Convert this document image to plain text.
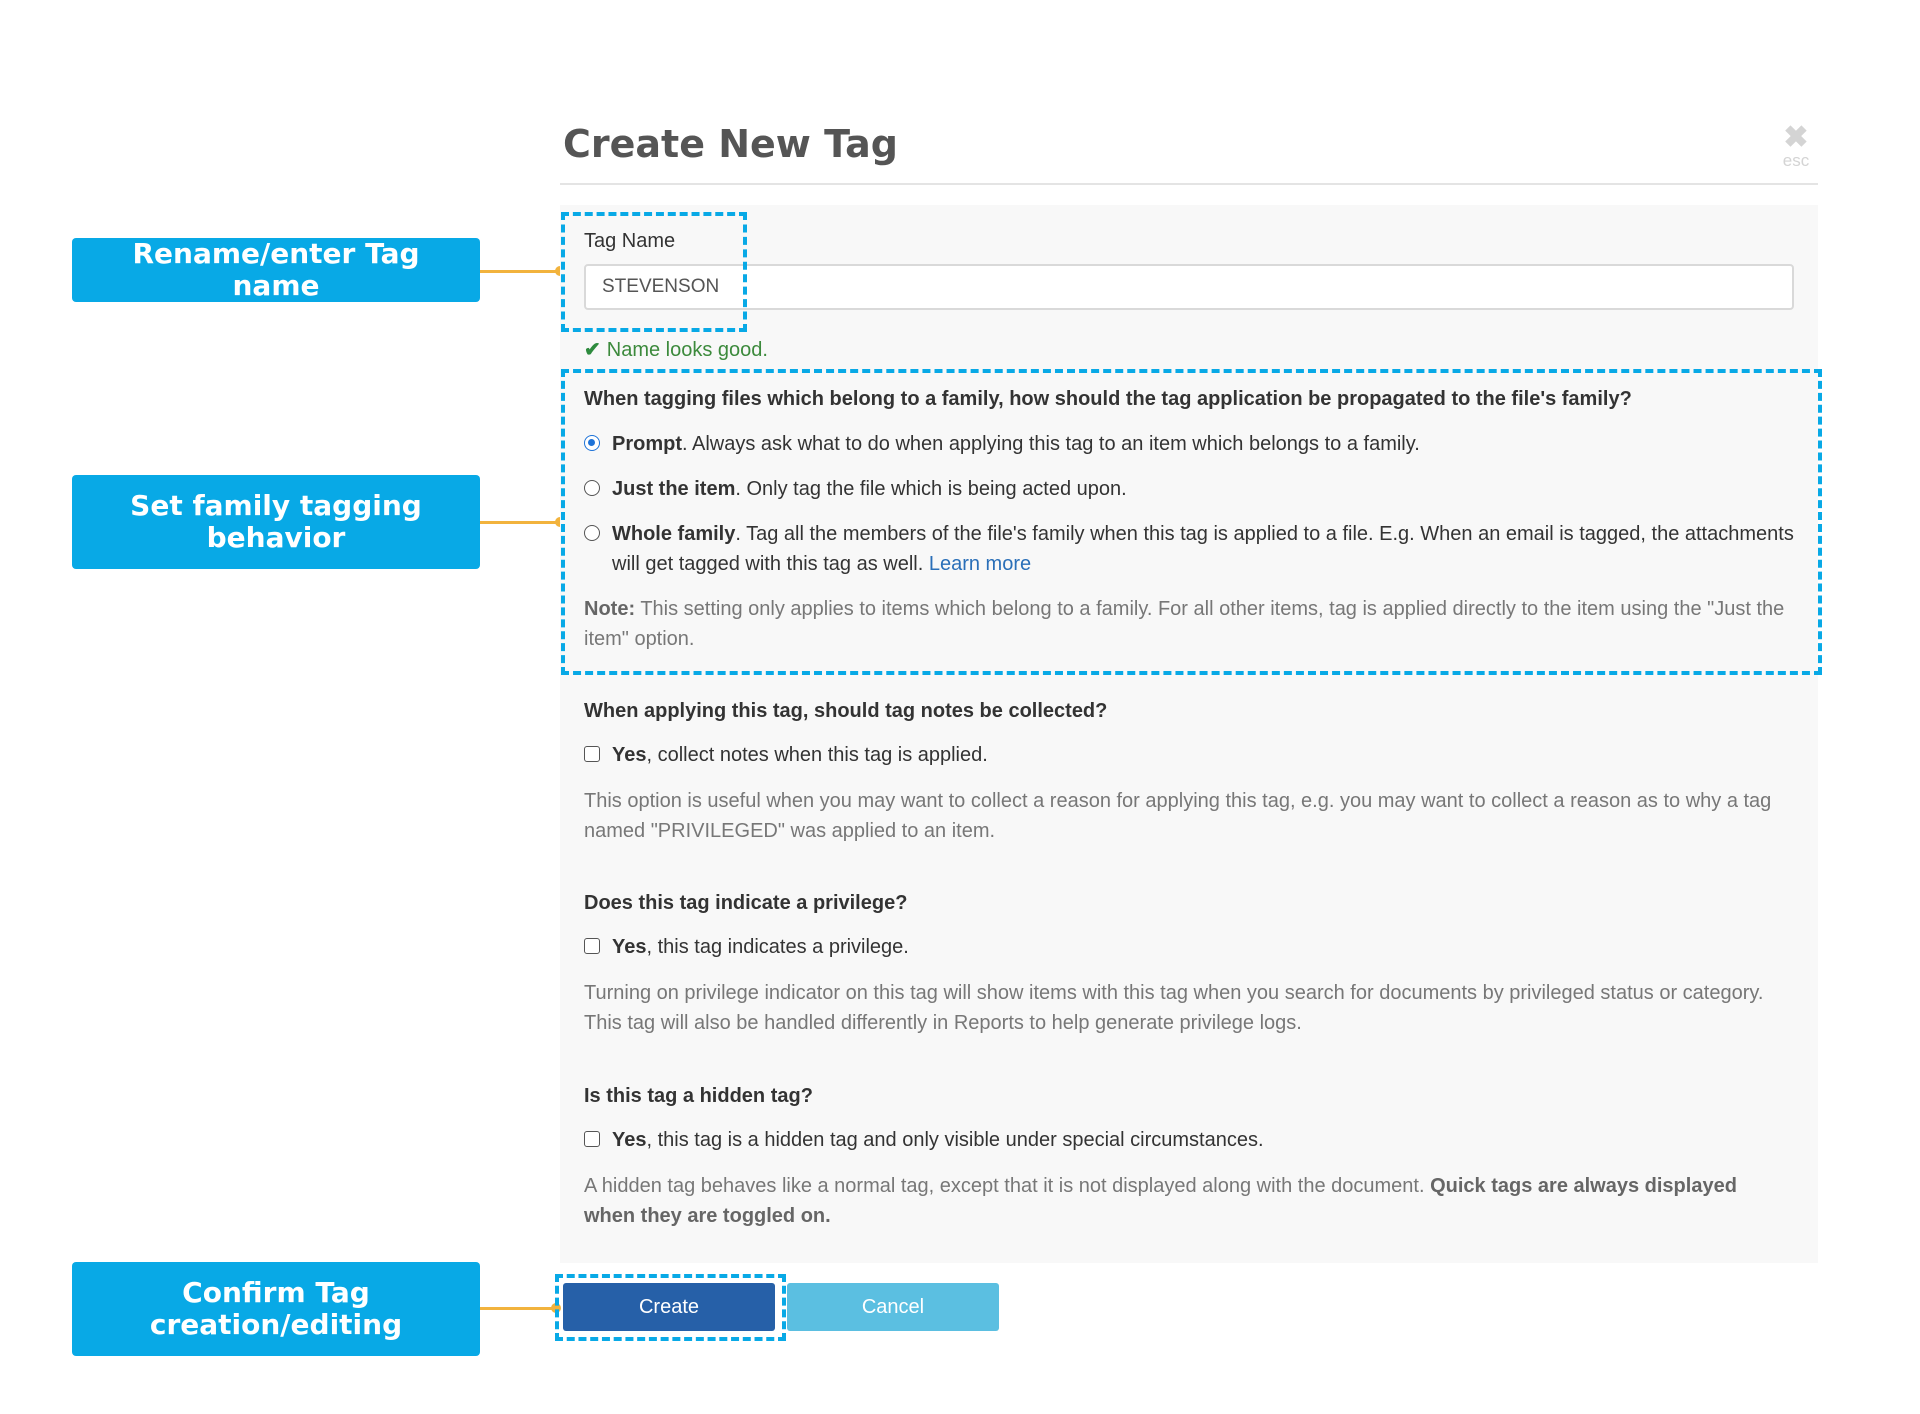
Rename/enter Tag name
Set family tagging behavior
Confirm Tag creation/editing
Create New Tag	✖
esc
Tag Name
STEVENSON
✔ Name looks good.
When tagging files which belong to a family, how should the tag application be propagated to the file's family?
Prompt. Always ask what to do when applying this tag to an item which belongs to a family.
Just the item. Only tag the file which is being acted upon.
Whole family. Tag all the members of the file's family when this tag is applied to a file. E.g. When an email is tagged, the attachments will get tagged with this tag as well. Learn more
Note: This setting only applies to items which belong to a family. For all other items, tag is applied directly to the item using the "Just the item" option.
When applying this tag, should tag notes be collected?
Yes, collect notes when this tag is applied.
This option is useful when you may want to collect a reason for applying this tag, e.g. you may want to collect a reason as to why a tag named "PRIVILEGED" was applied to an item.
Does this tag indicate a privilege?
Yes, this tag indicates a privilege.
Turning on privilege indicator on this tag will show items with this tag when you search for documents by privileged status or category. This tag will also be handled differently in Reports to help generate privilege logs.
Is this tag a hidden tag?
Yes, this tag is a hidden tag and only visible under special circumstances.
A hidden tag behaves like a normal tag, except that it is not displayed along with the document. Quick tags are always displayed when they are toggled on.
Create	Cancel
